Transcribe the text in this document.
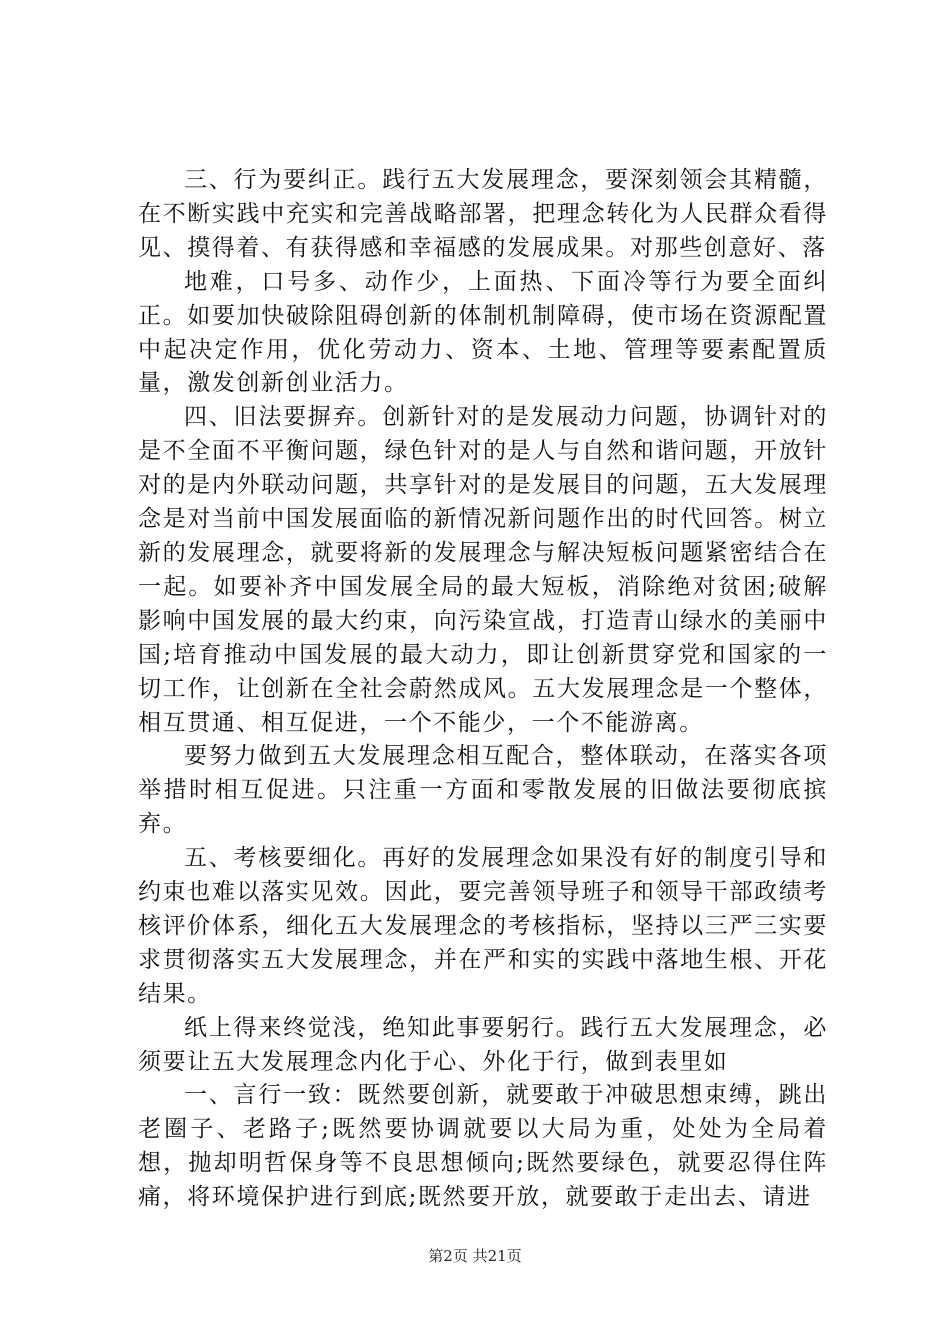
三、行为要纠正。践行五大发展理念，要深刻领会其精髓，在不断实践中充实和完善战略部署，把理念转化为人民群众看得见、摸得着、有获得感和幸福感的发展成果。对那些创意好、落

地难，口号多、动作少，上面热、下面冷等行为要全面纠正。如要加快破除阻碍创新的体制机制障碍，使市场在资源配置中起决定作用，优化劳动力、资本、土地、管理等要素配置质量，激发创新创业活力。

四、旧法要摒弃。创新针对的是发展动力问题，协调针对的是不全面不平衡问题，绿色针对的是人与自然和谐问题，开放针对的是内外联动问题，共享针对的是发展目的问题，五大发展理念是对当前中国发展面临的新情况新问题作出的时代回答。树立新的发展理念，就要将新的发展理念与解决短板问题紧密结合在一起。如要补齐中国发展全局的最大短板，消除绝对贫困;破解影响中国发展的最大约束，向污染宣战，打造青山绿水的美丽中国;培育推动中国发展的最大动力，即让创新贯穿党和国家的一切工作，让创新在全社会蔚然成风。五大发展理念是一个整体，相互贯通、相互促进，一个不能少，一个不能游离。

要努力做到五大发展理念相互配合，整体联动，在落实各项举措时相互促进。只注重一方面和零散发展的旧做法要彻底摈弃。

五、考核要细化。再好的发展理念如果没有好的制度引导和约束也难以落实见效。因此，要完善领导班子和领导干部政绩考核评价体系，细化五大发展理念的考核指标，坚持以三严三实要求贯彻落实五大发展理念，并在严和实的实践中落地生根、开花结果。

纸上得来终觉浅，绝知此事要躬行。践行五大发展理念，必须要让五大发展理念内化于心、外化于行，做到表里如

一、言行一致：既然要创新，就要敢于冲破思想束缚，跳出老圈子、老路子;既然要协调就要以大局为重，处处为全局着想，抛却明哲保身等不良思想倾向;既然要绿色，就要忍得住阵痛，将环境保护进行到底;既然要开放，就要敢于走出去、请进

第2页 共21页
